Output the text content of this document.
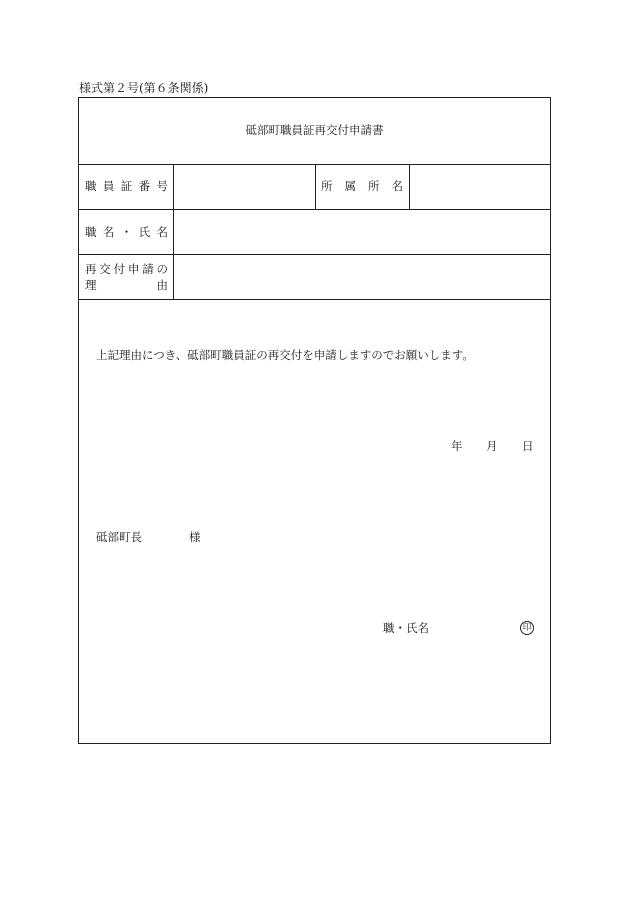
様式第２号(第６条関係)
砥部町職員証再交付申請書
職員証番号	所属所名
職名・氏名
再交付申請の
理由
上記理由につき、砥部町職員証の再交付を申請しますのでお願いします。
年 月 日
砥部町長	様
職・氏名	印
